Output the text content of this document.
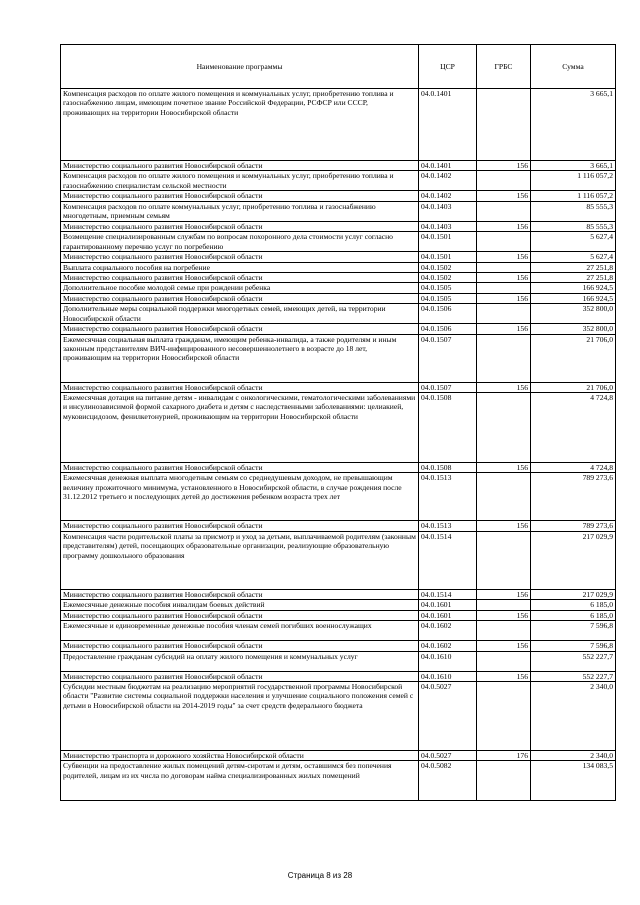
Наименование программы	ЦСР	ГРБС	Сумма
Компенсация расходов по оплате жилого помещения и коммунальных услуг, приобретению топлива и газоснабжению лицам, имеющим почетное звание Российской Федерации, РСФСР или СССР, проживающих на территории Новосибирской области	04.0.1401		3 665,1
Министерство социального развития Новосибирской области	04.0.1401	156	3 665,1
Компенсация расходов по оплате жилого помещения и коммунальных услуг, приобретению топлива и газоснабжению специалистам сельской местности	04.0.1402		1 116 057,2
Министерство социального развития Новосибирской области	04.0.1402	156	1 116 057,2
Компенсация расходов по оплате коммунальных услуг, приобретению топлива и газоснабжению многодетным, приемным семьям	04.0.1403		85 555,3
Министерство социального развития Новосибирской области	04.0.1403	156	85 555,3
Возмещение специализированным службам по вопросам похоронного дела стоимости услуг согласно гарантированному перечню услуг по погребению	04.0.1501		5 627,4
Министерство социального развития Новосибирской области	04.0.1501	156	5 627,4
Выплата социального пособия на погребение	04.0.1502		27 251,8
Министерство социального развития Новосибирской области	04.0.1502	156	27 251,8
Дополнительное пособие молодой семье при рождении ребенка	04.0.1505		166 924,5
Министерство социального развития Новосибирской области	04.0.1505	156	166 924,5
Дополнительные меры социальной поддержки многодетных семей, имеющих детей, на территории Новосибирской области	04.0.1506		352 800,0
Министерство социального развития Новосибирской области	04.0.1506	156	352 800,0
Ежемесячная социальная выплата гражданам, имеющим ребенка-инвалида, а также родителям и иным законным представителям ВИЧ-инфицированного несовершеннолетнего в возрасте до 18 лет, проживающим на территории Новосибирской области	04.0.1507		21 706,0
Министерство социального развития Новосибирской области	04.0.1507	156	21 706,0
Ежемесячная дотация на питание детям - инвалидам с онкологическими, гематологическими заболеваниями и инсулинозависимой формой сахарного диабета и детям с наследственными заболеваниями: целиакией, муковисцидозом, фенилкетонурией, проживающим на территории Новосибирской области	04.0.1508		4 724,8
Министерство социального развития Новосибирской области	04.0.1508	156	4 724,8
Ежемесячная денежная выплата многодетным семьям со среднедушевым доходом, не превышающим величину прожиточного минимума, установленного в Новосибирской области, в случае рождения после 31.12.2012 третьего и последующих детей до достижения ребенком возраста трех лет	04.0.1513		789 273,6
Министерство социального развития Новосибирской области	04.0.1513	156	789 273,6
Компенсация части родительской платы за присмотр и уход за детьми, выплачиваемой родителям (законным представителям) детей, посещающих образовательные организации, реализующие образовательную программу дошкольного образования	04.0.1514		217 029,9
Министерство социального развития Новосибирской области	04.0.1514	156	217 029,9
Ежемесячные денежные пособия инвалидам боевых действий	04.0.1601		6 185,0
Министерство социального развития Новосибирской области	04.0.1601	156	6 185,0
Ежемесячные и единовременные денежные пособия членам семей погибших военнослужащих	04.0.1602		7 596,8
Министерство социального развития Новосибирской области	04.0.1602	156	7 596,8
Предоставление гражданам субсидий на оплату жилого помещения и коммунальных услуг	04.0.1610		552 227,7
Министерство социального развития Новосибирской области	04.0.1610	156	552 227,7
Субсидии местным бюджетам на реализацию мероприятий государственной программы Новосибирской области "Развитие системы социальной поддержки населения и улучшение социального положения семей с детьми в Новосибирской области на 2014-2019 годы" за счет средств федерального бюджета	04.0.5027		2 340,0
Министерство транспорта и дорожного хозяйства Новосибирской области	04.0.5027	176	2 340,0
Субвенции на предоставление жилых помещений детям-сиротам и детям, оставшимся без попечения родителей, лицам из их числа по договорам найма специализированных жилых помещений	04.0.5082		134 083,5
Страница 8 из 28
